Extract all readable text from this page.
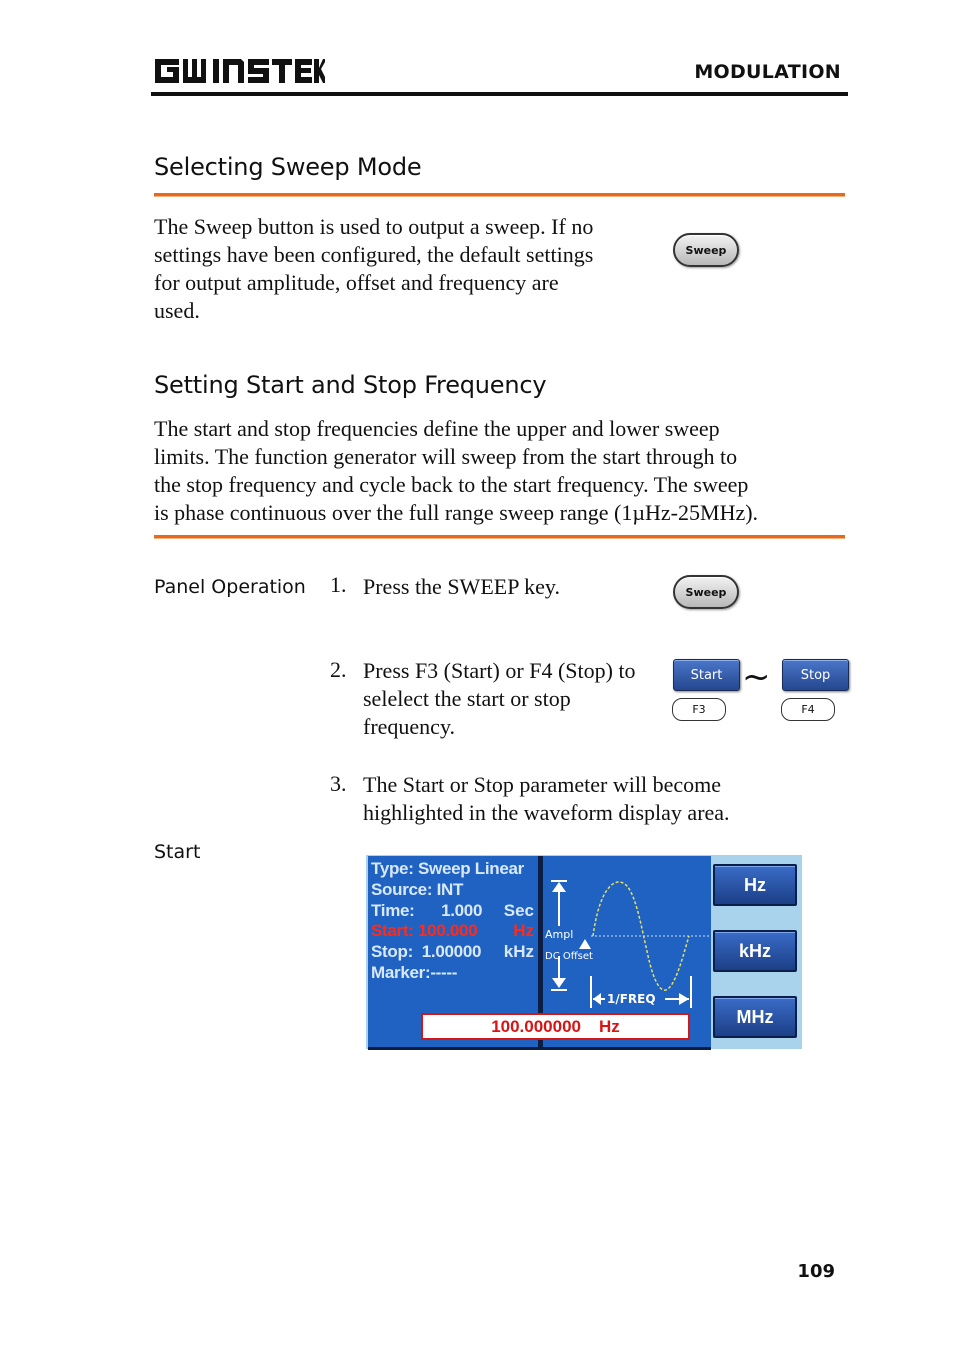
MODULATION
Selecting Sweep Mode
The Sweep button is used to output a sweep. If no
settings have been configured, the default settings
for output amplitude, offset and frequency are
used.
Sweep
Setting Start and Stop Frequency
The start and stop frequencies define the upper and lower sweep
limits. The function generator will sweep from the start through to
the stop frequency and cycle back to the start frequency. The sweep
is phase continuous over the full range sweep range (1µHz-25MHz).
Panel Operation 1. Press the SWEEP key.	Sweep
2. Press F3 (Start) or F4 (Stop) to
selelect the start or stop
frequency.
Start
F3
~	Stop
F4
3. The Start or Stop parameter will become
highlighted in the waveform display area.
Start
Type: Sweep Linear
Source: INT
Time:      1.000 Sec
Start: 100.000 Hz
Stop:  1.00000 kHz
Marker:-----
Ampl
DC Offset
1/FREQ
100.000000 Hz
Hz
kHz
MHz
109
